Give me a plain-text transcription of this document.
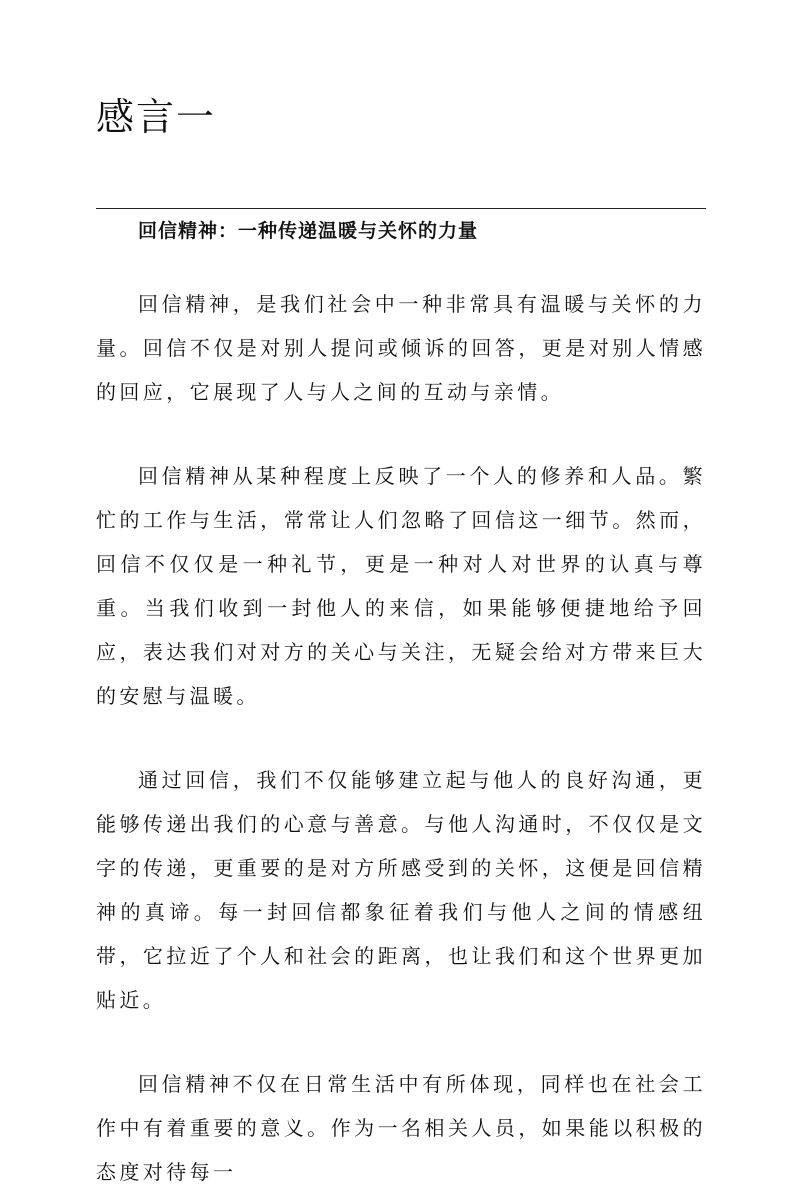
感言一

回信精神：一种传递温暖与关怀的力量

回信精神，是我们社会中一种非常具有温暖与关怀的力量。回信不仅是对别人提问或倾诉的回答，更是对别人情感的回应，它展现了人与人之间的互动与亲情。

回信精神从某种程度上反映了一个人的修养和人品。繁忙的工作与生活，常常让人们忽略了回信这一细节。然而，回信不仅仅是一种礼节，更是一种对人对世界的认真与尊重。当我们收到一封他人的来信，如果能够便捷地给予回应，表达我们对对方的关心与关注，无疑会给对方带来巨大的安慰与温暖。

通过回信，我们不仅能够建立起与他人的良好沟通，更能够传递出我们的心意与善意。与他人沟通时，不仅仅是文字的传递，更重要的是对方所感受到的关怀，这便是回信精神的真谛。每一封回信都象征着我们与他人之间的情感纽带，它拉近了个人和社会的距离，也让我们和这个世界更加贴近。

回信精神不仅在日常生活中有所体现，同样也在社会工作中有着重要的意义。作为一名相关人员，如果能以积极的态度对待每一
